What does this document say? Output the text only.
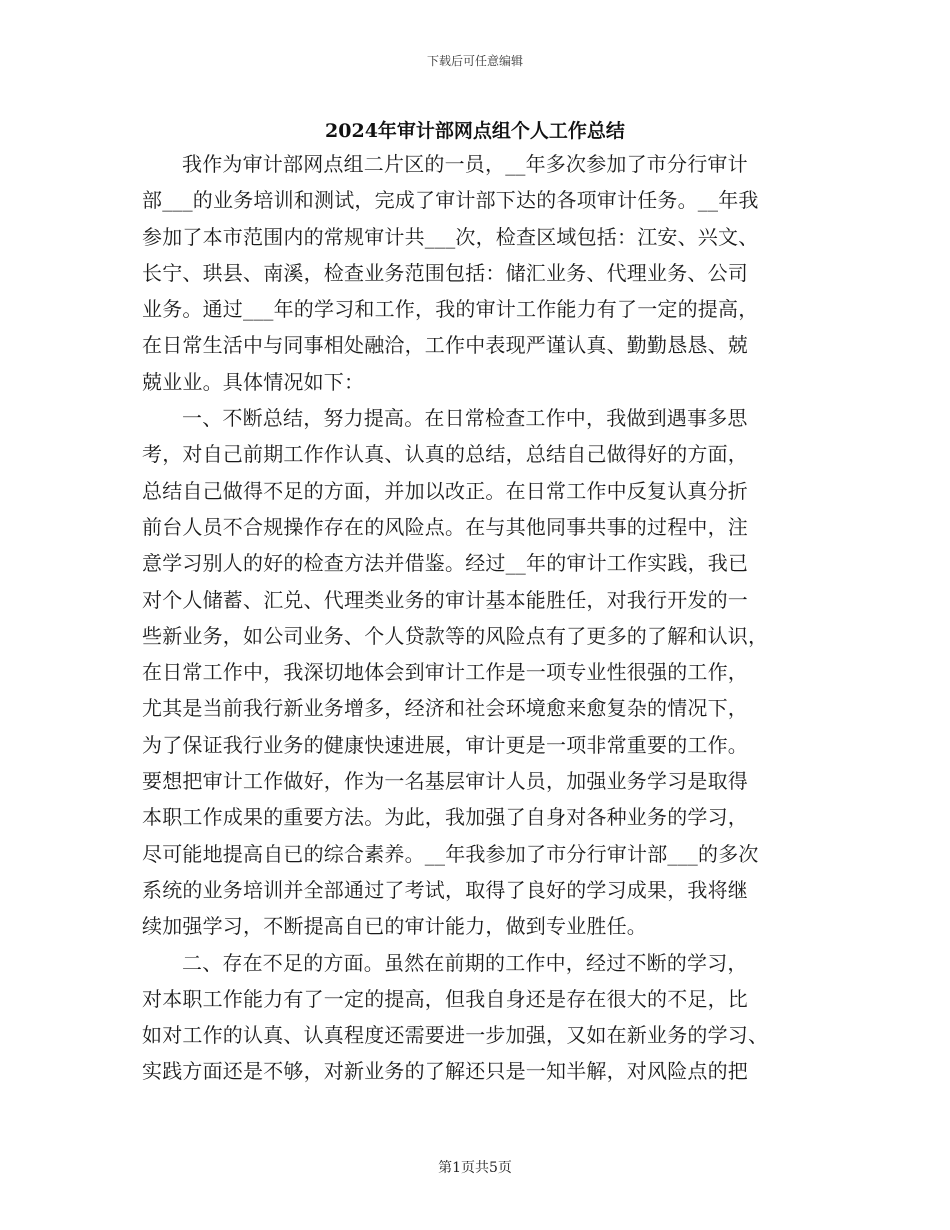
下载后可任意编辑
2024年审计部网点组个人工作总结
我作为审计部网点组二片区的一员，__年多次参加了市分行审计
部___的业务培训和测试，完成了审计部下达的各项审计任务。__年我
参加了本市范围内的常规审计共___次，检查区域包括：江安、兴文、
长宁、珙县、南溪，检查业务范围包括：储汇业务、代理业务、公司
业务。通过___年的学习和工作，我的审计工作能力有了一定的提高，
在日常生活中与同事相处融洽，工作中表现严谨认真、勤勤恳恳、兢
兢业业。具体情况如下：
一、不断总结，努力提高。在日常检查工作中，我做到遇事多思
考，对自己前期工作作认真、认真的总结，总结自己做得好的方面，
总结自己做得不足的方面，并加以改正。在日常工作中反复认真分折
前台人员不合规操作存在的风险点。在与其他同事共事的过程中，注
意学习别人的好的检查方法并借鉴。经过__年的审计工作实践，我已
对个人储蓄、汇兑、代理类业务的审计基本能胜任，对我行开发的一
些新业务，如公司业务、个人贷款等的风险点有了更多的了解和认识，
在日常工作中，我深切地体会到审计工作是一项专业性很强的工作，
尤其是当前我行新业务增多，经济和社会环境愈来愈复杂的情况下，
为了保证我行业务的健康快速进展，审计更是一项非常重要的工作。
要想把审计工作做好，作为一名基层审计人员，加强业务学习是取得
本职工作成果的重要方法。为此，我加强了自身对各种业务的学习，
尽可能地提高自已的综合素养。__年我参加了市分行审计部___的多次
系统的业务培训并全部通过了考试，取得了良好的学习成果，我将继
续加强学习，不断提高自已的审计能力，做到专业胜任。
二、存在不足的方面。虽然在前期的工作中，经过不断的学习，
对本职工作能力有了一定的提高，但我自身还是存在很大的不足，比
如对工作的认真、认真程度还需要进一步加强，又如在新业务的学习、
实践方面还是不够，对新业务的了解还只是一知半解，对风险点的把
第1页共5页
